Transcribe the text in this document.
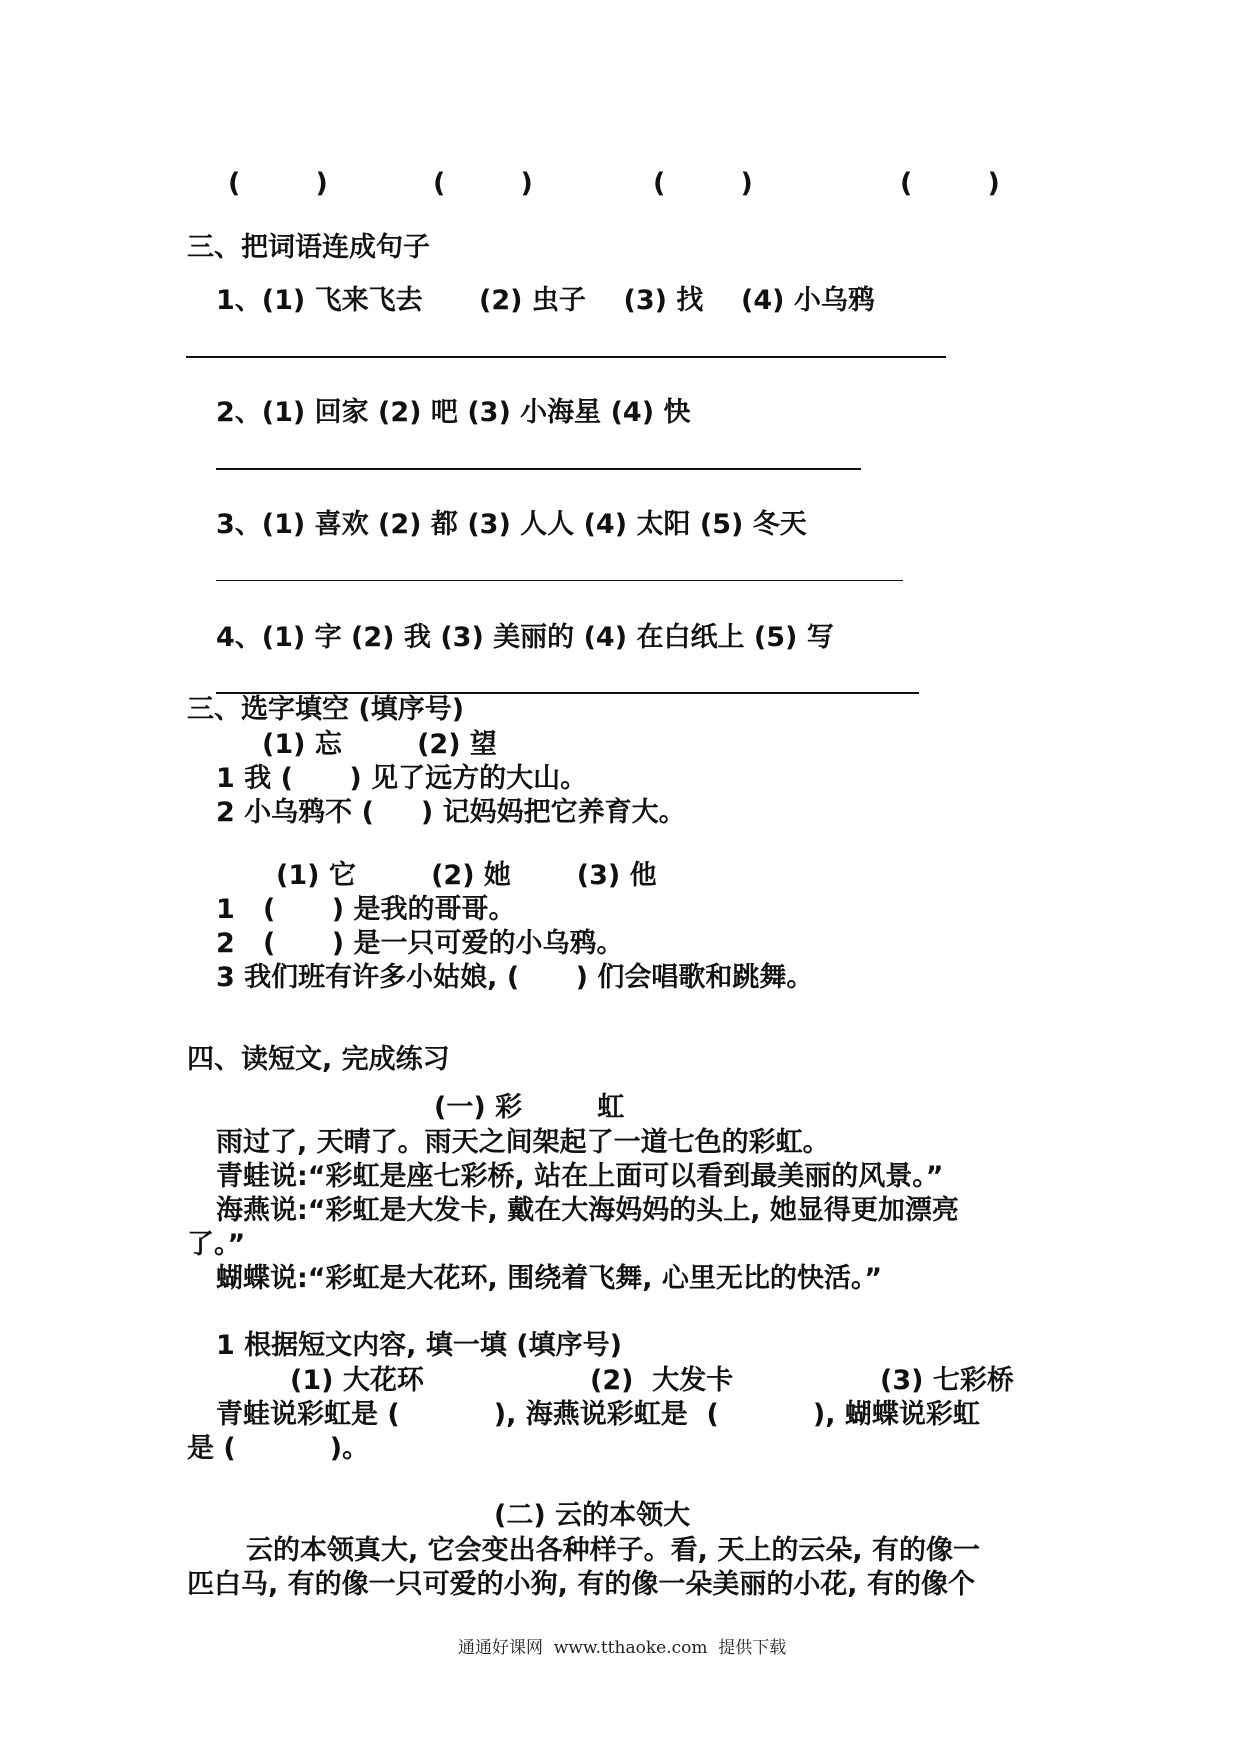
(        )	(        )	(        )	(        )
三、把词语连成句子
1、(1) 飞来飞去      (2) 虫子    (3) 找    (4) 小乌鸦
2、(1) 回家 (2) 吧 (3) 小海星 (4) 快
3、(1) 喜欢 (2) 都 (3) 人人 (4) 太阳 (5) 冬天
4、(1) 字 (2) 我 (3) 美丽的 (4) 在白纸上 (5) 写
三、选字填空 (填序号)
(1) 忘        (2) 望
1 我 (      ) 见了远方的大山。
2 小乌鸦不 (     ) 记妈妈把它养育大。
(1) 它        (2) 她       (3) 他
1   (      ) 是我的哥哥。
2   (      ) 是一只可爱的小乌鸦。
3 我们班有许多小姑娘, (      ) 们会唱歌和跳舞。
四、读短文, 完成练习
(一) 彩        虹
雨过了, 天晴了。雨天之间架起了一道七色的彩虹。
青蛙说:“彩虹是座七彩桥, 站在上面可以看到最美丽的风景。”
海燕说:“彩虹是大发卡, 戴在大海妈妈的头上, 她显得更加漂亮
了。”
蝴蝶说:“彩虹是大花环, 围绕着飞舞, 心里无比的快活。”
1 根据短文内容, 填一填 (填序号)
(1) 大花环	(2)  大发卡	(3) 七彩桥
青蛙说彩虹是 (          ), 海燕说彩虹是  (          ), 蝴蝶说彩虹
是 (          )。
(二) 云的本领大
云的本领真大, 它会变出各种样子。看, 天上的云朵, 有的像一
匹白马, 有的像一只可爱的小狗, 有的像一朵美丽的小花, 有的像个
通通好课网  www.tthaoke.com  提供下载
